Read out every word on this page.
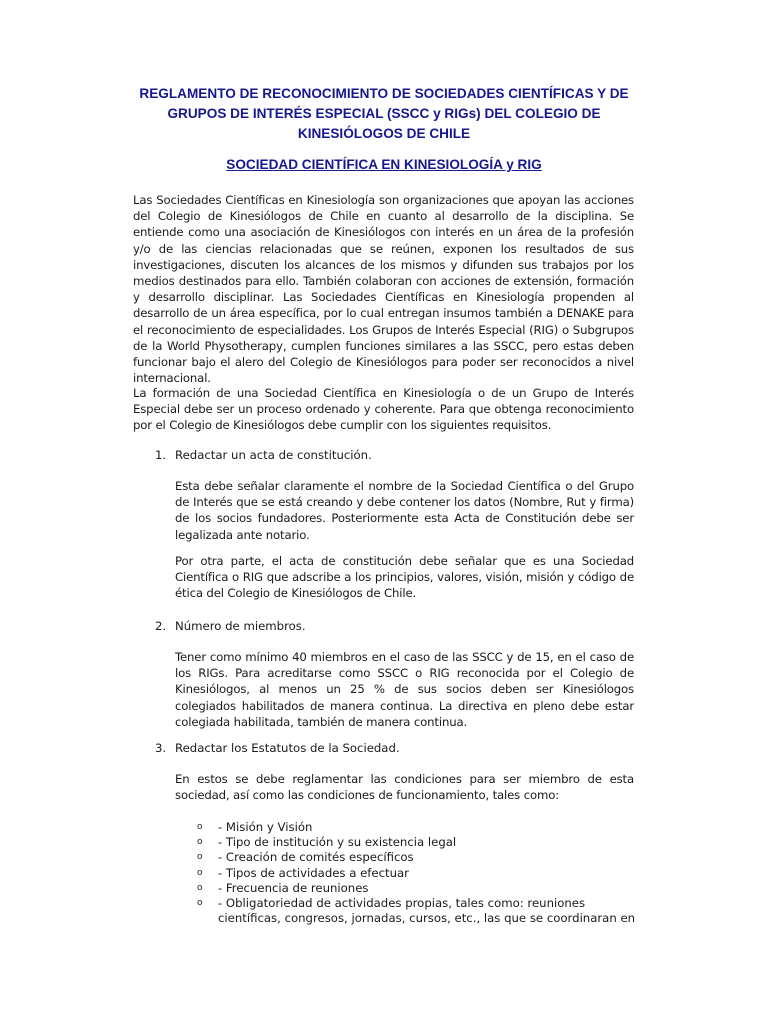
REGLAMENTO DE RECONOCIMIENTO DE SOCIEDADES CIENTÍFICAS Y DE GRUPOS DE INTERÉS ESPECIAL (SSCC y RIGs) DEL COLEGIO DE KINESIÓLOGOS DE CHILE
SOCIEDAD CIENTÍFICA EN KINESIOLOGÍA y RIG
Las Sociedades Científicas en Kinesiología son organizaciones que apoyan las acciones del Colegio de Kinesiólogos de Chile en cuanto al desarrollo de la disciplina. Se entiende como una asociación de Kinesiólogos con interés en un área de la profesión y/o de las ciencias relacionadas que se reúnen, exponen los resultados de sus investigaciones, discuten los alcances de los mismos y difunden sus trabajos por los medios destinados para ello. También colaboran con acciones de extensión, formación y desarrollo disciplinar. Las Sociedades Científicas en Kinesiología propenden al desarrollo de un área específica, por lo cual entregan insumos también a DENAKE para el reconocimiento de especialidades. Los Grupos de Interés Especial (RIG) o Subgrupos de la World Physotherapy, cumplen funciones similares a las SSCC, pero estas deben funcionar bajo el alero del Colegio de Kinesiólogos para poder ser reconocidos a nivel internacional.
La formación de una Sociedad Científica en Kinesiología o de un Grupo de Interés Especial debe ser un proceso ordenado y coherente. Para que obtenga reconocimiento por el Colegio de Kinesiólogos debe cumplir con los siguientes requisitos.
1. Redactar un acta de constitución.
Esta debe señalar claramente el nombre de la Sociedad Científica o del Grupo de Interés que se está creando y debe contener los datos (Nombre, Rut y firma) de los socios fundadores. Posteriormente esta Acta de Constitución debe ser legalizada ante notario.
Por otra parte, el acta de constitución debe señalar que es una Sociedad Científica o RIG que adscribe a los principios, valores, visión, misión y código de ética del Colegio de Kinesiólogos de Chile.
2. Número de miembros.
Tener como mínimo 40 miembros en el caso de las SSCC y de 15, en el caso de los RIGs. Para acreditarse como SSCC o RIG reconocida por el Colegio de Kinesiólogos, al menos un 25 % de sus socios deben ser Kinesiólogos colegiados habilitados de manera continua. La directiva en pleno debe estar colegiada habilitada, también de manera continua.
3. Redactar los Estatutos de la Sociedad.
En estos se debe reglamentar las condiciones para ser miembro de esta sociedad, así como las condiciones de funcionamiento, tales como:
o - Misión y Visión
o - Tipo de institución y su existencia legal
o - Creación de comités específicos
o - Tipos de actividades a efectuar
o - Frecuencia de reuniones
o - Obligatoriedad de actividades propias, tales como: reuniones científicas, congresos, jornadas, cursos, etc., las que se coordinaran en
